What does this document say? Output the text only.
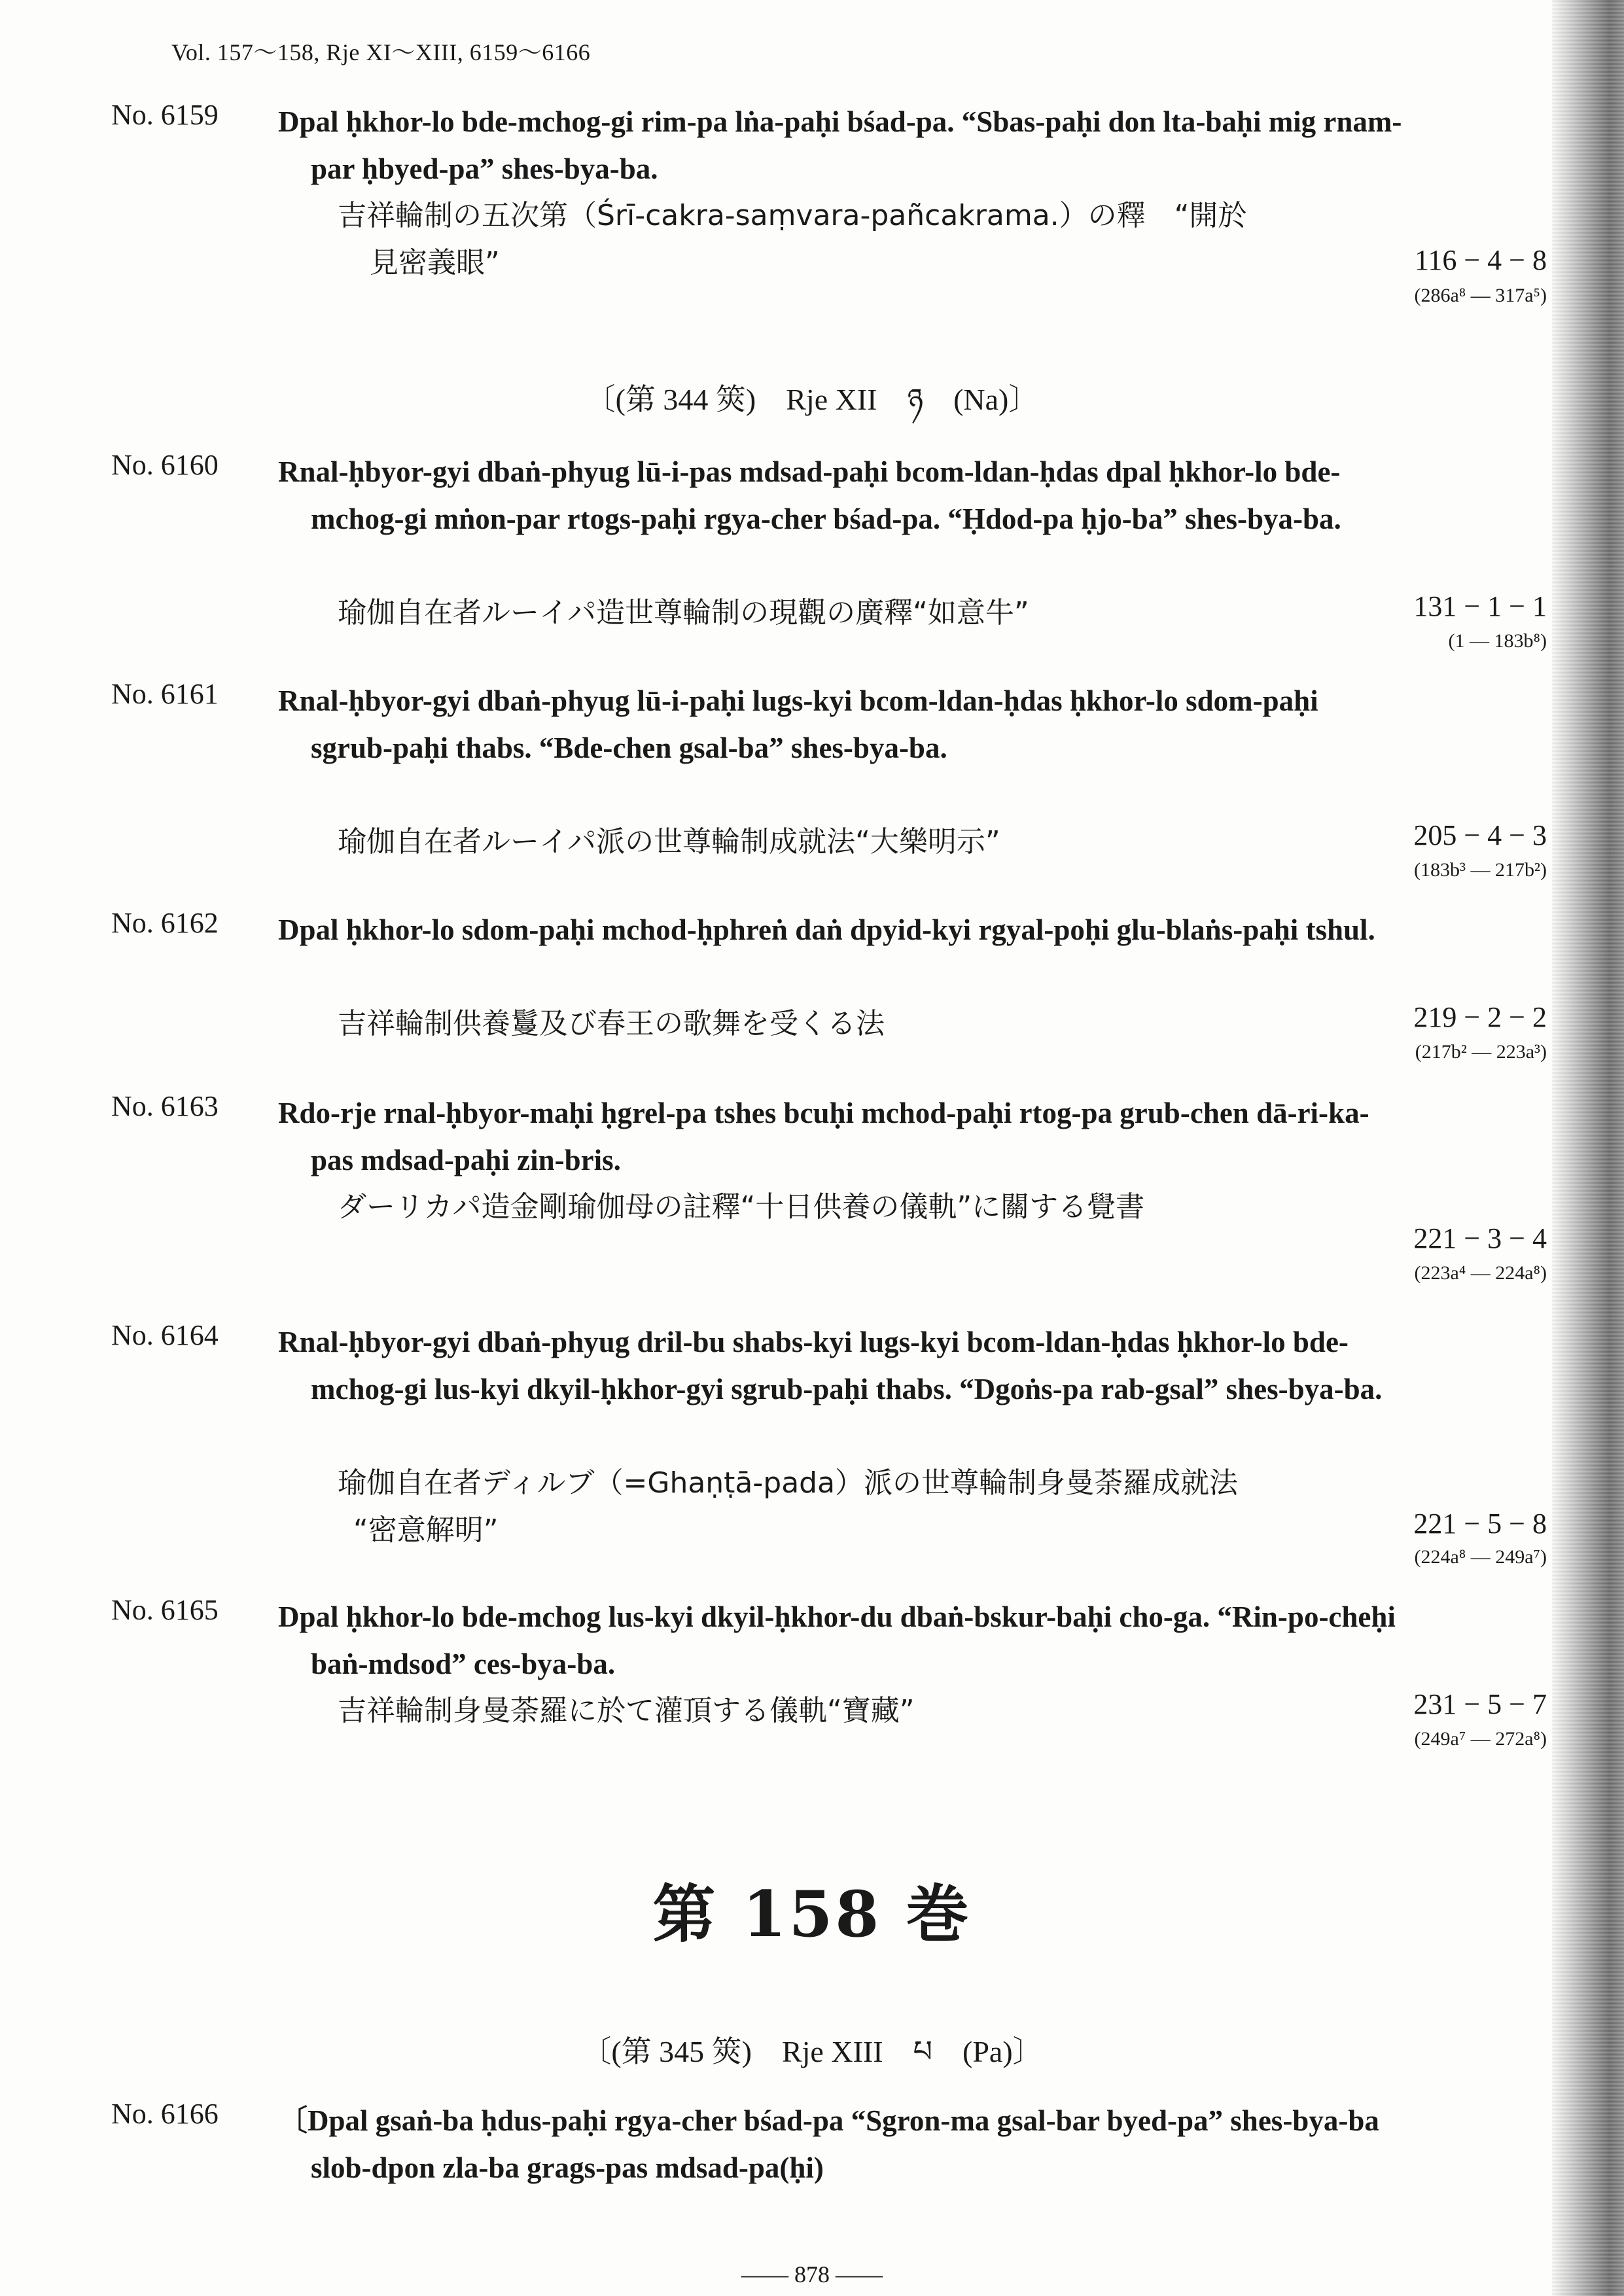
Vol. 157～158, Rje XI～XIII, 6159～6166
No. 6159 Dpal ḥkhor-lo bde-mchog-gi rim-pa lṅa-paḥi bśad-pa. “Sbas-paḥi don lta-baḥi mig rnam-par ḥbyed-pa” shes-bya-ba.
吉祥輪制の五次第（Śrī-cakra-saṃvara-pañcakrama.）の釋　“開於
見密義眼”	116 − 4 − 8
(286a⁸ — 317a⁵)
〔(第 344 筴)　Rje XII　ཉ　(Na)〕
No. 6160 Rnal-ḥbyor-gyi dbaṅ-phyug lū-i-pas mdsad-paḥi bcom-ldan-ḥdas dpal ḥkhor-lo bde-mchog-gi mṅon-par rtogs-paḥi rgya-cher bśad-pa. “Ḥdod-pa ḥjo-ba” shes-bya-ba.
瑜伽自在者ルーイパ造世尊輪制の現觀の廣釋“如意牛”	131 − 1 − 1
(1 — 183b⁸)
No. 6161 Rnal-ḥbyor-gyi dbaṅ-phyug lū-i-paḥi lugs-kyi bcom-ldan-ḥdas ḥkhor-lo sdom-paḥi sgrub-paḥi thabs. “Bde-chen gsal-ba” shes-bya-ba.
瑜伽自在者ルーイパ派の世尊輪制成就法“大樂明示”	205 − 4 − 3
(183b³ — 217b²)
No. 6162 Dpal ḥkhor-lo sdom-paḥi mchod-ḥphreṅ daṅ dpyid-kyi rgyal-poḥi glu-blaṅs-paḥi tshul.
吉祥輪制供養鬘及び春王の歌舞を受くる法	219 − 2 − 2
(217b² — 223a³)
No. 6163 Rdo-rje rnal-ḥbyor-maḥi ḥgrel-pa tshes bcuḥi mchod-paḥi rtog-pa grub-chen dā-ri-ka-pas mdsad-paḥi zin-bris.
ダーリカパ造金剛瑜伽母の註釋“十日供養の儀軌”に關する覺書
221 − 3 − 4
(223a⁴ — 224a⁸)
No. 6164 Rnal-ḥbyor-gyi dbaṅ-phyug dril-bu shabs-kyi lugs-kyi bcom-ldan-ḥdas ḥkhor-lo bde-mchog-gi lus-kyi dkyil-ḥkhor-gyi sgrub-paḥi thabs. “Dgoṅs-pa rab-gsal” shes-bya-ba.
瑜伽自在者ディルブ（=Ghaṇṭā-pada）派の世尊輪制身曼荼羅成就法
“密意解明”	221 − 5 − 8
(224a⁸ — 249a⁷)
No. 6165 Dpal ḥkhor-lo bde-mchog lus-kyi dkyil-ḥkhor-du dbaṅ-bskur-baḥi cho-ga. “Rin-po-cheḥi baṅ-mdsod” ces-bya-ba.
吉祥輪制身曼荼羅に於て灌頂する儀軌“寶藏”	231 − 5 − 7
(249a⁷ — 272a⁸)
第 158 巻
〔(第 345 筴)　Rje XIII　པ　(Pa)〕
No. 6166 〔Dpal gsaṅ-ba ḥdus-paḥi rgya-cher bśad-pa “Sgron-ma gsal-bar byed-pa” shes-bya-ba slob-dpon zla-ba grags-pas mdsad-pa(ḥi)
—— 878 ——
